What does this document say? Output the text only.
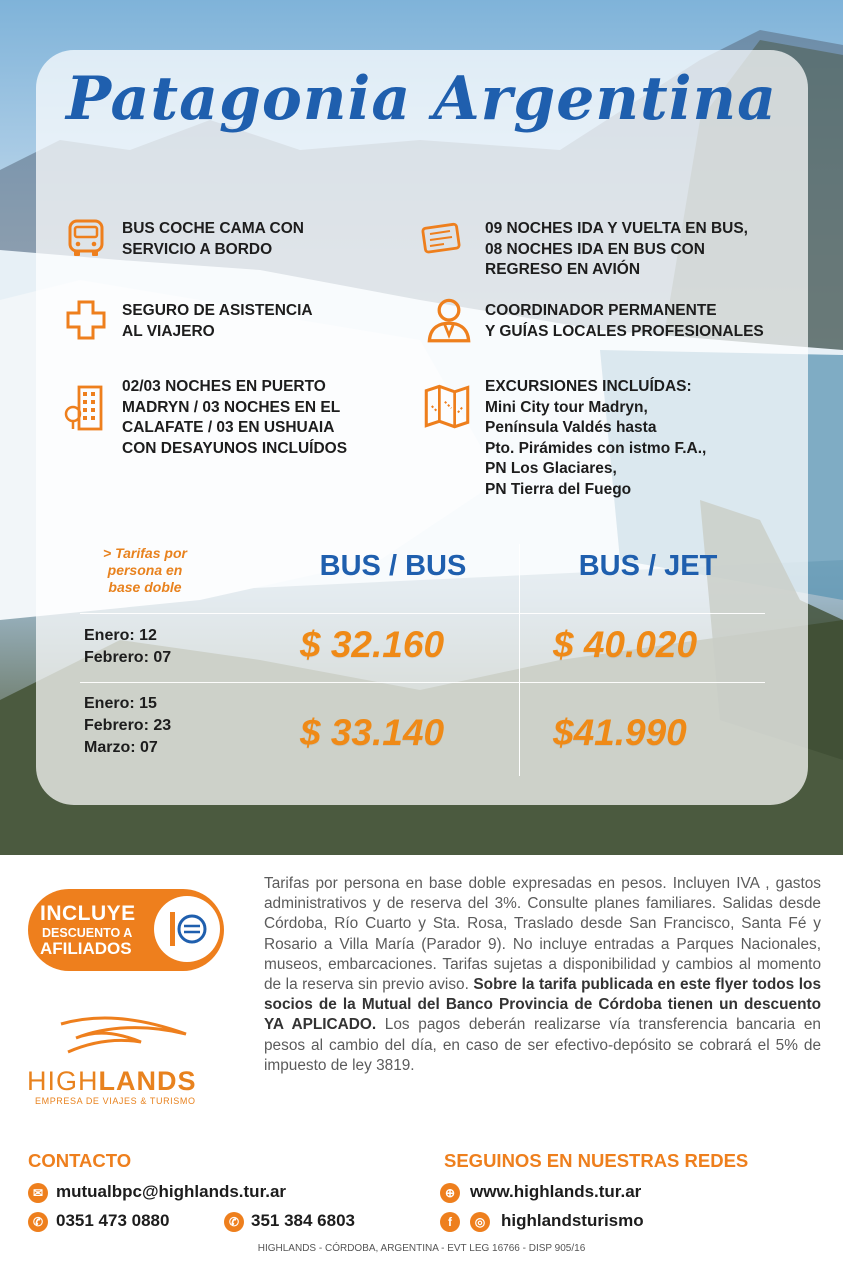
Patagonia Argentina
BUS COCHE CAMA CON
SERVICIO A BORDO
09 NOCHES IDA Y VUELTA EN BUS,
08 NOCHES IDA EN BUS CON
REGRESO EN AVIÓN
SEGURO DE ASISTENCIA
AL VIAJERO
COORDINADOR PERMANENTE
Y GUÍAS LOCALES PROFESIONALES
02/03 NOCHES EN PUERTO
MADRYN / 03 NOCHES EN EL
CALAFATE / 03 EN USHUAIA
CON DESAYUNOS INCLUÍDOS
EXCURSIONES INCLUÍDAS:
Mini City tour Madryn,
Península Valdés hasta
Pto. Pirámides con istmo F.A.,
PN Los Glaciares,
PN Tierra del Fuego
> Tarifas por
persona en
base doble
BUS / BUS	BUS / JET
Enero: 12
Febrero: 07	$ 32.160	$ 40.020
Enero: 15
Febrero: 23
Marzo: 07	$ 33.140	$41.990
INCLUYE
DESCUENTO A
AFILIADOS
HIGHLANDS
EMPRESA DE VIAJES & TURISMO
Tarifas por persona en base doble expresadas en pesos. Incluyen IVA , gastos administrativos y de reserva del 3%. Consulte planes familiares. Salidas desde Córdoba, Río Cuarto y Sta. Rosa, Traslado desde San Francisco, Santa Fé y Rosario a Villa María (Parador 9). No incluye entradas a Parques Nacionales, museos, embarcaciones. Tarifas sujetas a disponibilidad y cambios al momento de la reserva sin previo aviso. Sobre la tarifa publicada en este flyer todos los socios de la Mutual del Banco Provincia de Córdoba tienen un descuento YA APLICADO. Los pagos deberán realizarse vía transferencia bancaria en pesos al cambio del día, en caso de ser efectivo-depósito se cobrará el 5% de impuesto de ley 3819.
CONTACTO
✉ mutualbpc@highlands.tur.ar
✆ 0351 473 0880	✆ 351 384 6803
SEGUINOS EN NUESTRAS REDES
⊕ www.highlands.tur.ar
f	◎ highlandsturismo
HIGHLANDS - CÓRDOBA, ARGENTINA - EVT LEG 16766 - DISP 905/16
